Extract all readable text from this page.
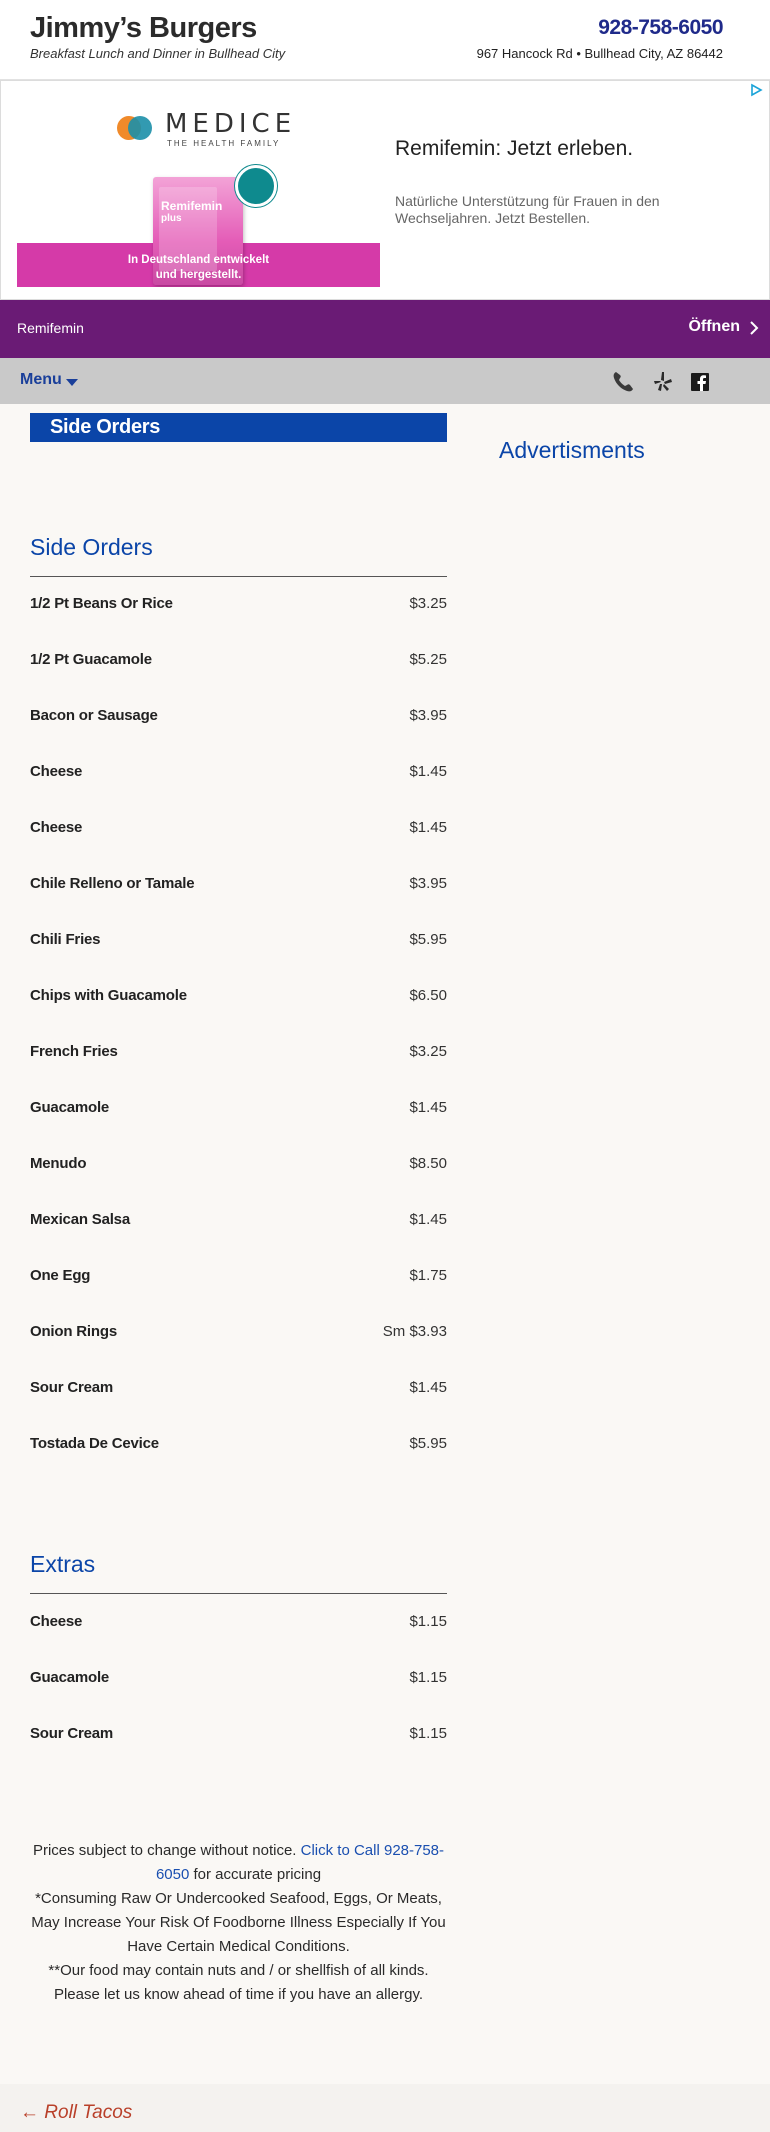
Jimmy’s Burgers
Breakfast Lunch and Dinner in Bullhead City
928-758-6050
967 Hancock Rd • Bullhead City, AZ 86442
MEDICE
THE HEALTH FAMILY
Remifemin
plus
In Deutschland entwickelt
und hergestellt.
Remifemin: Jetzt erleben.
Natürliche Unterstützung für Frauen in den Wechseljahren. Jetzt Bestellen.
Remifemin	Öffnen
Menu
Side Orders
Advertisments
Side Orders
1/2 Pt Beans Or Rice	$3.25
1/2 Pt Guacamole	$5.25
Bacon or Sausage	$3.95
Cheese	$1.45
Cheese	$1.45
Chile Relleno or Tamale	$3.95
Chili Fries	$5.95
Chips with Guacamole	$6.50
French Fries	$3.25
Guacamole	$1.45
Menudo	$8.50
Mexican Salsa	$1.45
One Egg	$1.75
Onion Rings	Sm $3.93
Sour Cream	$1.45
Tostada De Cevice	$5.95
Extras
Cheese	$1.15
Guacamole	$1.15
Sour Cream	$1.15
Prices subject to change without notice. Click to Call 928-758-6050 for accurate pricing
*Consuming Raw Or Undercooked Seafood, Eggs, Or Meats, May Increase Your Risk Of Foodborne Illness Especially If You Have Certain Medical Conditions.
**Our food may contain nuts and / or shellfish of all kinds. Please let us know ahead of time if you have an allergy.
← Roll Tacos
